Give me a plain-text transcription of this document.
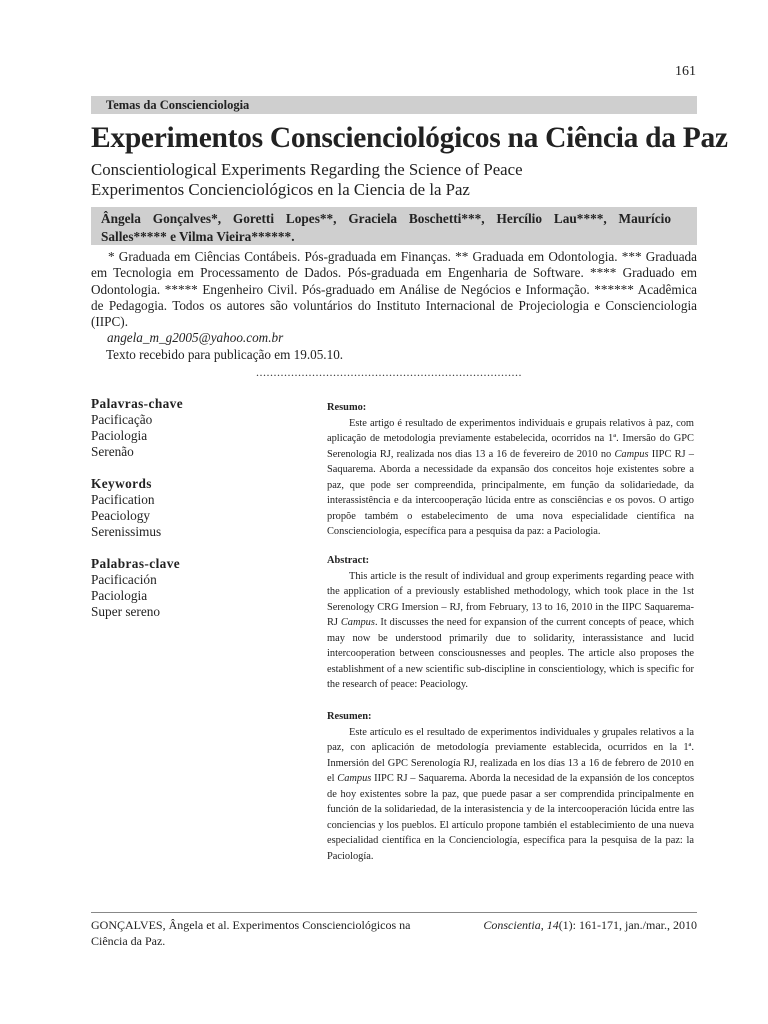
161
Temas da Conscienciologia
Experimentos Conscienciológicos na Ciência da Paz
Conscientiological Experiments Regarding the Science of Peace
Experimentos Concienciológicos en la Ciencia de la Paz
Ângela Gonçalves*, Goretti Lopes**, Graciela Boschetti***, Hercílio Lau****, Maurício Salles***** e Vilma Vieira******.

* Graduada em Ciências Contábeis. Pós-graduada em Finanças. ** Graduada em Odontologia. *** Graduada em Tecnologia em Processamento de Dados. Pós-graduada em Engenharia de Software. **** Graduado em Odontologia. ***** Engenheiro Civil. Pós-graduado em Análise de Negócios e Informação. ****** Acadêmica de Pedagogia. Todos os autores são voluntários do Instituto Internacional de Projeciologia e Conscienciologia (IIPC).

angela_m_g2005@yahoo.com.br

Texto recebido para publicação em 19.05.10.

............................................................................
Palavras-chave
Pacificação
Paciologia
Serenão
Keywords
Pacification
Peaciology
Serenissimus
Palabras-clave
Pacificación
Paciologia
Super sereno
Resumo:

Este artigo é resultado de experimentos individuais e grupais relativos à paz, com aplicação de metodologia previamente estabelecida, ocorridos na 1ª. Imersão do GPC Serenologia RJ, realizada nos dias 13 a 16 de fevereiro de 2010 no Campus IIPC RJ – Saquarema. Aborda a necessidade da expansão dos conceitos hoje existentes sobre a paz, que pode ser compreendida, principalmente, em função da solidariedade, da interassistência e da intercooperação lúcida entre as consciências e os povos. O artigo propõe também o estabelecimento de uma nova especialidade científica na Conscienciologia, específica para a pesquisa da paz: a Paciologia.

Abstract:

This article is the result of individual and group experiments regarding peace with the application of a previously established methodology, which took place in the 1st Serenology CRG Imersion – RJ, from February, 13 to 16, 2010 in the IIPC Saquarema-RJ Campus. It discusses the need for expansion of the current concepts of peace, which may now be understood primarily due to solidarity, interassistance and lucid intercooperation between consciousnesses and peoples. The article also proposes the establishment of a new scientific sub-discipline in conscientiology, which is specific for the research of peace: Peaciology.

Resumen:

Este artículo es el resultado de experimentos individuales y grupales relativos a la paz, con aplicación de metodología previamente establecida, ocurridos en la 1ª. Inmersión del GPC Serenología RJ, realizada en los días 13 a 16 de febrero de 2010 en el Campus IIPC RJ – Saquarema. Aborda la necesidad de la expansión de los conceptos de hoy existentes sobre la paz, que puede pasar a ser comprendida principalmente en función de la solidariedad, de la interasistencia y de la intercooperación lúcida entre las conciencias y los pueblos. El artículo propone también el establecimiento de una nueva especialidad científica en la Concienciología, específica para la pesquisa de la paz: la Paciología.

GONÇALVES, Ângela et al. Experimentos Conscienciológicos na Ciência da Paz.
Conscientia, 14(1): 161-171, jan./mar., 2010
